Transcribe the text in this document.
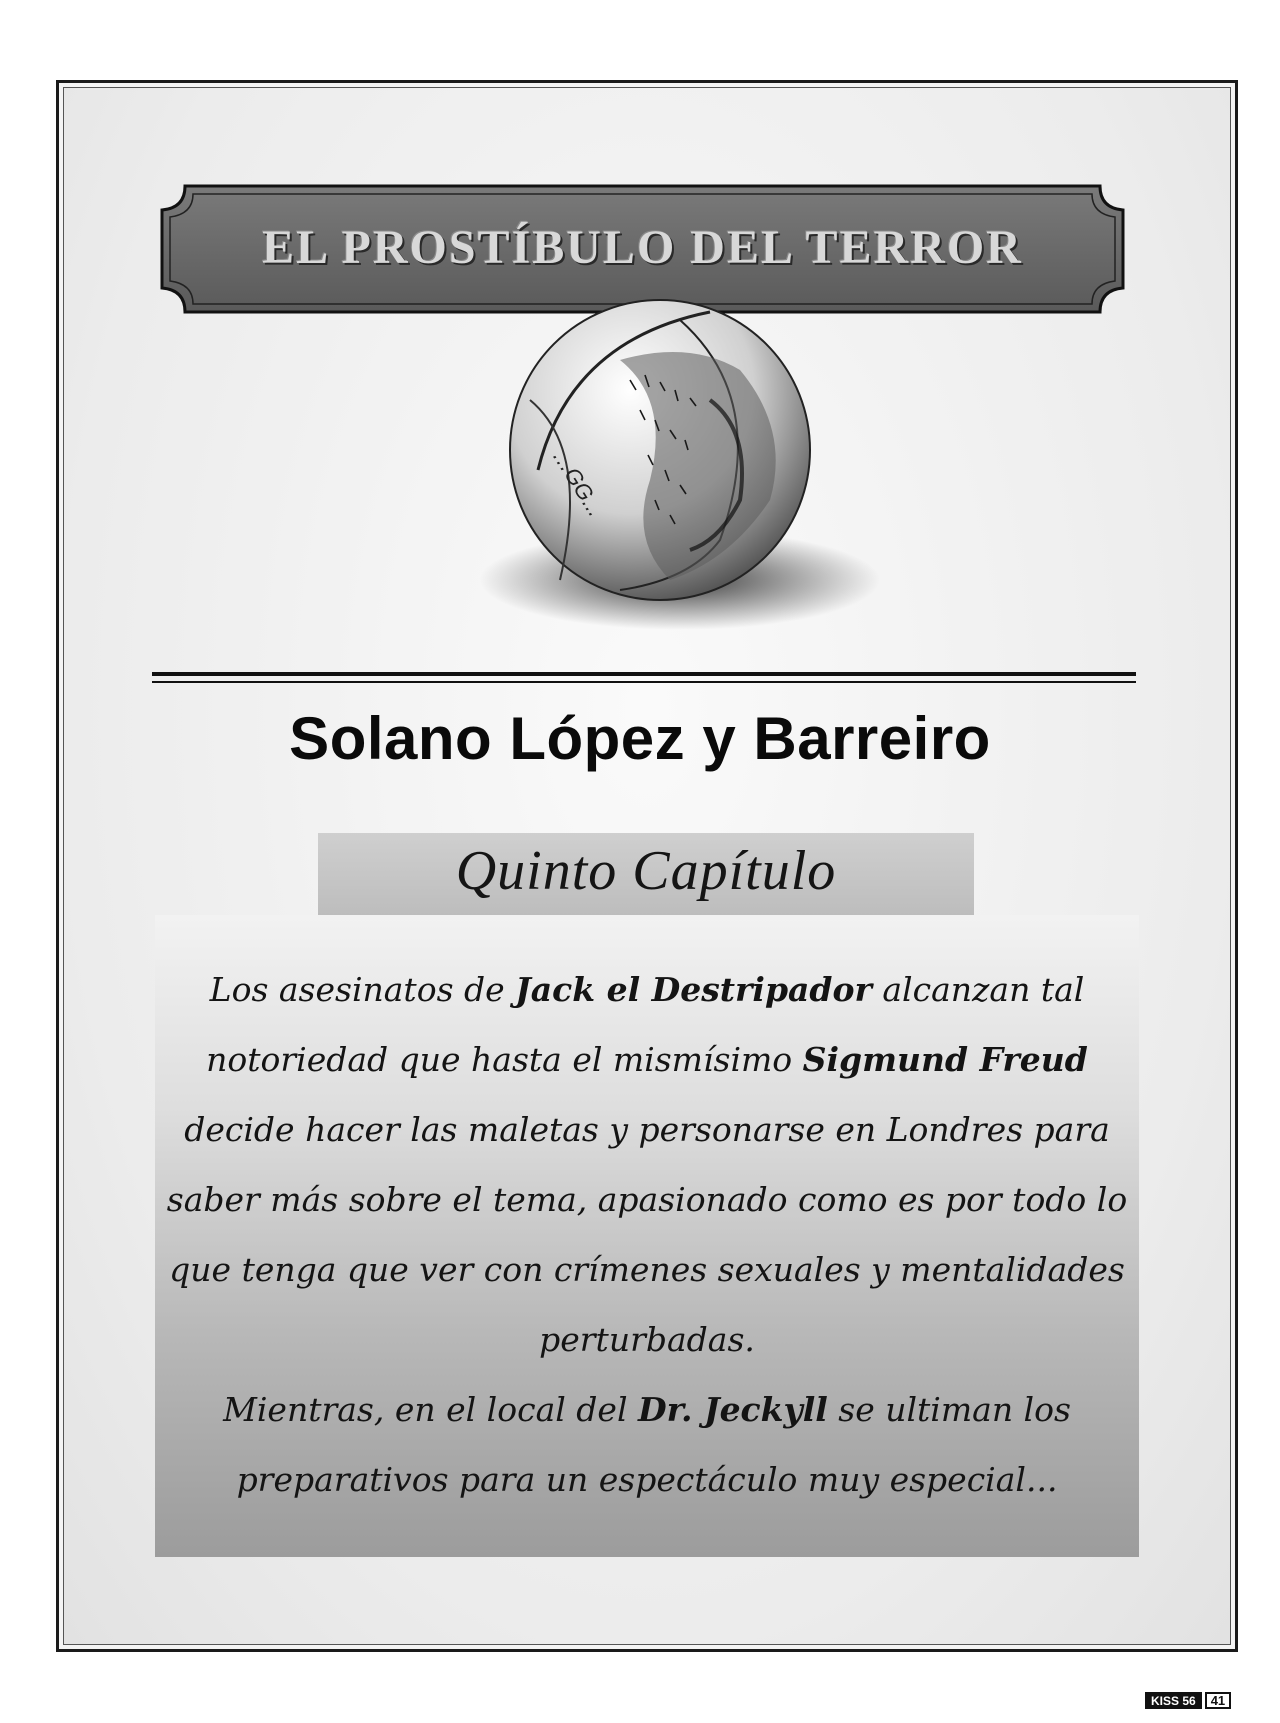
EL PROSTÍBULO DEL TERROR
…GG...
Solano López y Barreiro
Quinto Capítulo
Los asesinatos de Jack el Destripador alcanzan tal notoriedad que hasta el mismísimo Sigmund Freud decide hacer las maletas y personarse en Londres para saber más sobre el tema, apasionado como es por todo lo que tenga que ver con crímenes sexuales y mentalidades perturbadas.
Mientras, en el local del Dr. Jeckyll se ultiman los preparativos para un espectáculo muy especial...
KISS 56	41
